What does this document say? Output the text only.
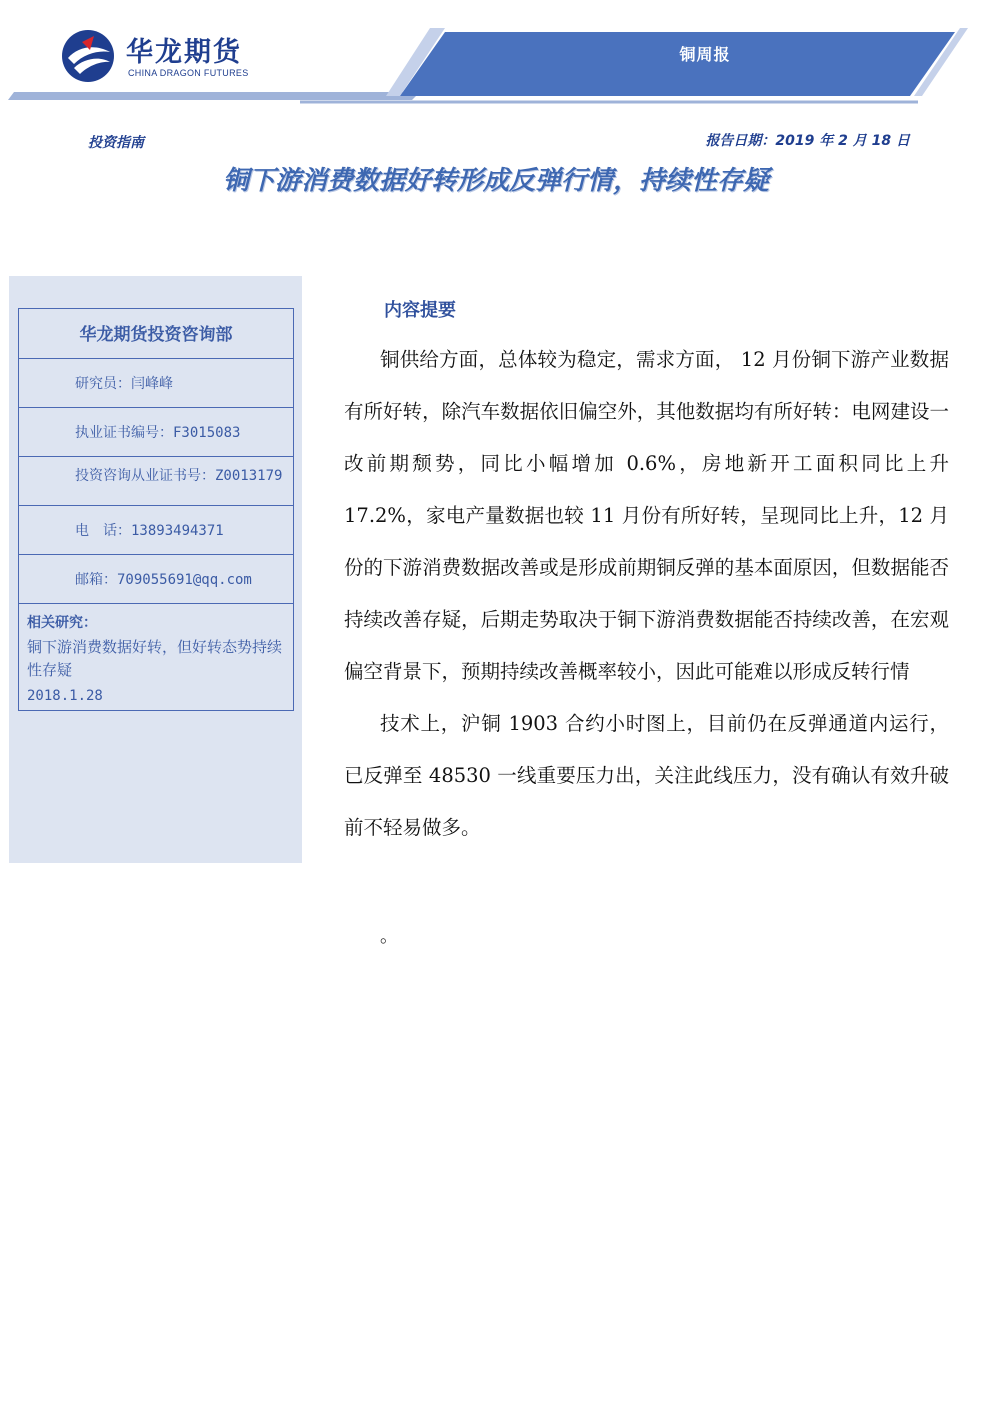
华龙期货
CHINA DRAGON FUTURES
铜周报
投资指南	报告日期：2019 年 2 月 18 日
铜下游消费数据好转形成反弹行情，持续性存疑
华龙期货投资咨询部
研究员：闫峰峰
执业证书编号：F3015083
投资咨询从业证书号：Z0013179
电　话：13893494371
邮箱：709055691@qq.com
相关研究：
铜下游消费数据好转，但好转态势持续性存疑
2018.1.28
内容提要

铜供给方面，总体较为稳定，需求方面， 12 月份铜下游产业数据有所好转，除汽车数据依旧偏空外，其他数据均有所好转：电网建设一改前期颓势，同比小幅增加 0.6%，房地新开工面积同比上升 17.2%，家电产量数据也较 11 月份有所好转，呈现同比上升，12 月份的下游消费数据改善或是形成前期铜反弹的基本面原因，但数据能否持续改善存疑，后期走势取决于铜下游消费数据能否持续改善，在宏观偏空背景下，预期持续改善概率较小，因此可能难以形成反转行情

技术上，沪铜 1903 合约小时图上，目前仍在反弹通道内运行，已反弹至 48530 一线重要压力出，关注此线压力，没有确认有效升破前不轻易做多。

。
